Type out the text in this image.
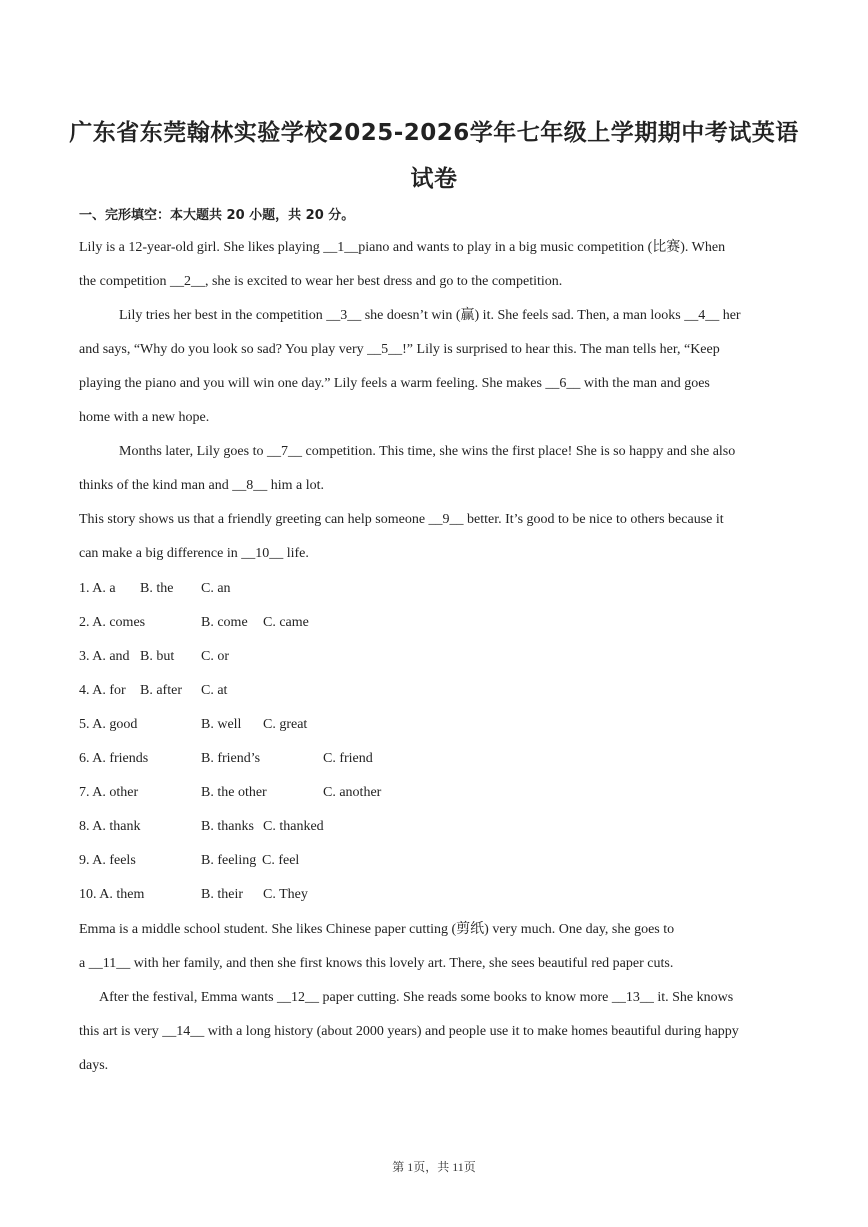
广东省东莞翰林实验学校2025-2026学年七年级上学期期中考试英语
试卷
一、完形填空：本大题共 20 小题，共 20 分。
Lily is a 12-year-old girl. She likes playing __1__piano and wants to play in a big music competition (比赛). When
the competition __2__, she is excited to wear her best dress and go to the competition.
Lily tries her best in the competition __3__ she doesn’t win (赢) it. She feels sad. Then, a man looks __4__ her
and says, “Why do you look so sad? You play very __5__!” Lily is surprised to hear this. The man tells her, “Keep
playing the piano and you will win one day.” Lily feels a warm feeling. She makes __6__ with the man and goes
home with a new hope.
Months later, Lily goes to __7__ competition. This time, she wins the first place! She is so happy and she also
thinks of the kind man and __8__ him a lot.
This story shows us that a friendly greeting can help someone __9__ better. It’s good to be nice to others because it
can make a big difference in __10__ life.
1. A. a B. the C. an
2. A. comes	B. come C. came
3. A. and B. but C. or
4. A. for B. after C. at
5. A. good	B. well C. great
6. A. friends	B. friend’s	C. friend
7. A. other	B. the other	C. another
8. A. thank	B. thanks C. thanked
9. A. feels	B. feeling C. feel
10. A. them	B. their C. They
Emma is a middle school student. She likes Chinese paper cutting (剪纸) very much. One day, she goes to
a __11__ with her family, and then she first knows this lovely art. There, she sees beautiful red paper cuts.
After the festival, Emma wants __12__ paper cutting. She reads some books to know more __13__ it. She knows
this art is very __14__ with a long history (about 2000 years) and people use it to make homes beautiful during happy
days.
第 1页，共 11页
